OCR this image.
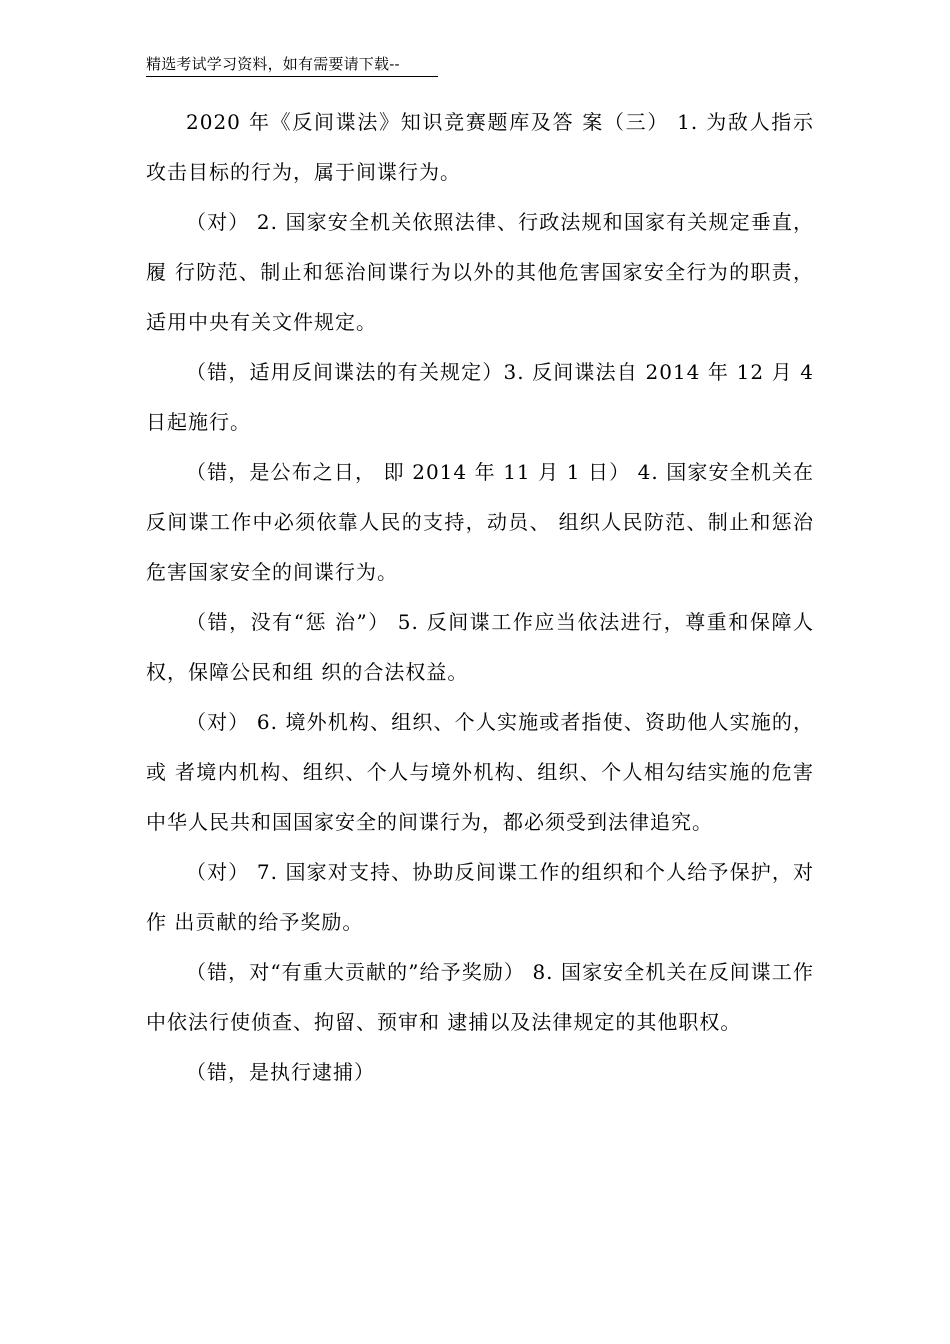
精选考试学习资料，如有需要请下载--

2020 年《反间谍法》知识竞赛题库及答 案（三） 1. 为敌人指示攻击目标的行为，属于间谍行为。

（对） 2. 国家安全机关依照法律、行政法规和国家有关规定垂直，履 行防范、制止和惩治间谍行为以外的其他危害国家安全行为的职责， 适用中央有关文件规定。

（错，适用反间谍法的有关规定）3. 反间谍法自 2014 年 12 月 4 日起施行。

（错，是公布之日， 即 2014 年 11 月 1 日） 4. 国家安全机关在反间谍工作中必须依靠人民的支持，动员、 组织人民防范、制止和惩治危害国家安全的间谍行为。

（错，没有“惩 治”） 5. 反间谍工作应当依法进行，尊重和保障人权，保障公民和组 织的合法权益。

（对） 6. 境外机构、组织、个人实施或者指使、资助他人实施的，或 者境内机构、组织、个人与境外机构、组织、个人相勾结实施的危害 中华人民共和国国家安全的间谍行为，都必须受到法律追究。

（对） 7. 国家对支持、协助反间谍工作的组织和个人给予保护，对作 出贡献的给予奖励。

（错，对“有重大贡献的”给予奖励） 8. 国家安全机关在反间谍工作中依法行使侦查、拘留、预审和 逮捕以及法律规定的其他职权。

（错，是执行逮捕）
